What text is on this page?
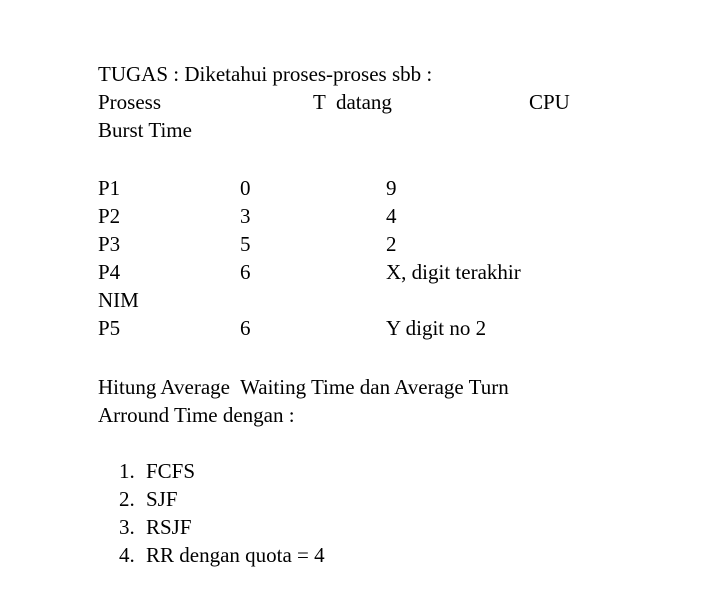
TUGAS : Diketahui proses-proses sbb :
Prosess	T  datang	CPU
Burst Time
P1	0	9
P2	3	4
P3	5	2
P4	6	X, digit terakhir
NIM
P5	6	Y digit no 2
Hitung Average  Waiting Time dan Average Turn
Arround Time dengan :

1. FCFS

2. SJF

3. RSJF

4. RR dengan quota = 4
